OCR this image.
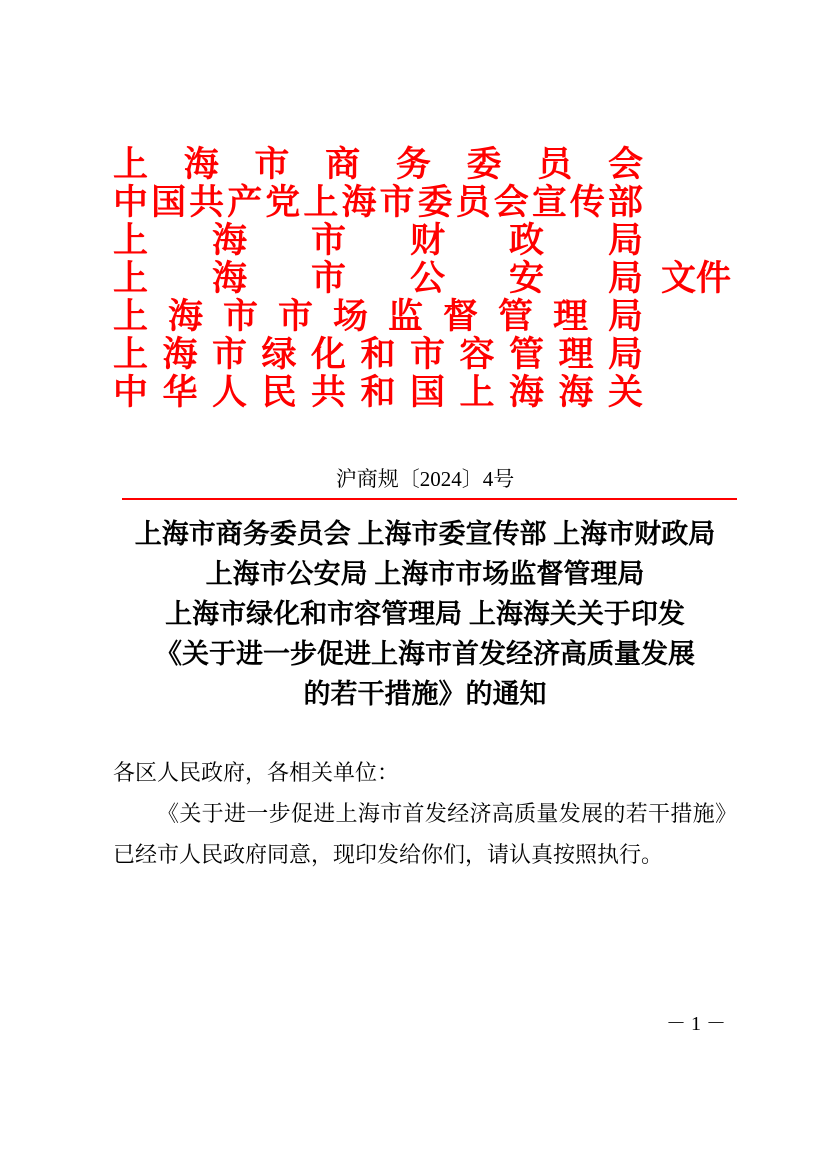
上海市商务委员会
中国共产党上海市委员会宣传部
上海市财政局
上海市公安局
上海市市场监督管理局
上海市绿化和市容管理局
中华人民共和国上海海关
文件
沪商规〔2024〕4号
上海市商务委员会 上海市委宣传部 上海市财政局
上海市公安局 上海市市场监督管理局
上海市绿化和市容管理局 上海海关关于印发
《关于进一步促进上海市首发经济高质量发展
的若干措施》的通知
各区人民政府，各相关单位：
《关于进一步促进上海市首发经济高质量发展的若干措施》已经市人民政府同意，现印发给你们，请认真按照执行。
－ 1 －
